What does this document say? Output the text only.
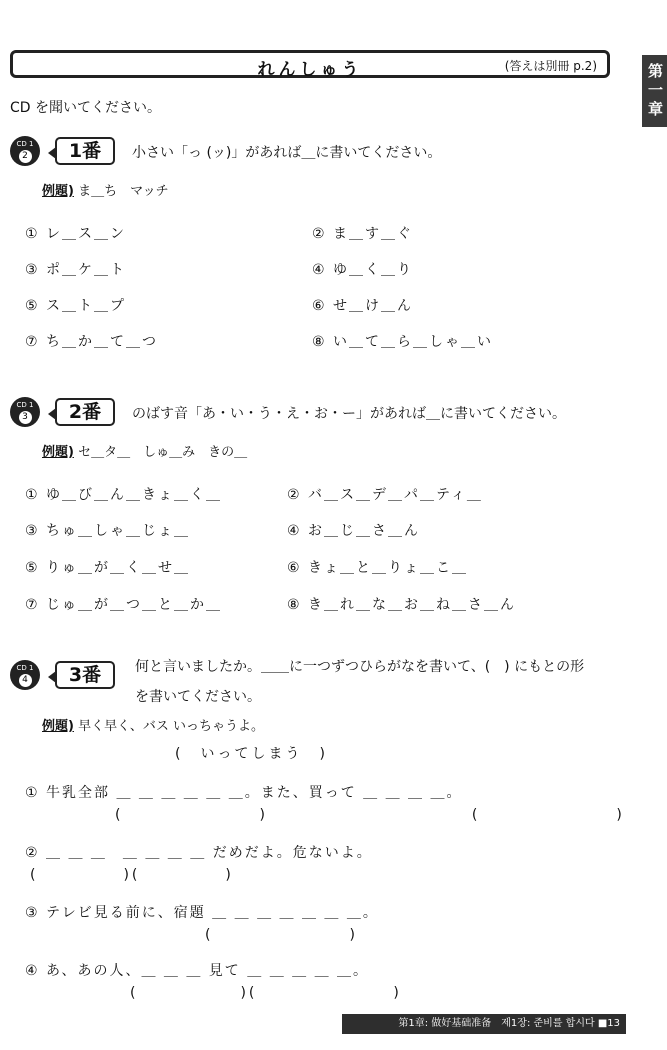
れんしゅう	(答えは別冊 p.2)	第一章
CD を聞いてください。
CD 1
2	1番	小さい「っ (ッ)」があれば＿に書いてください。
例題) ま＿ち　マッチ
① レ＿ス＿ン	② ま＿す＿ぐ
③ ポ＿ケ＿ト	④ ゆ＿く＿り
⑤ ス＿ト＿プ	⑥ せ＿け＿ん
⑦ ち＿か＿て＿つ	⑧ い＿て＿ら＿しゃ＿い
CD 1
3	2番	のばす音「あ・い・う・え・お・ー」があれば＿に書いてください。
例題) セ＿タ＿　しゅ＿み　きの＿
① ゆ＿び＿ん＿きょ＿く＿	② バ＿ス＿デ＿パ＿ティ＿
③ ちゅ＿しゃ＿じょ＿	④ お＿じ＿さ＿ん
⑤ りゅ＿が＿く＿せ＿	⑥ きょ＿と＿りょ＿こ＿
⑦ じゅ＿が＿つ＿と＿か＿	⑧ き＿れ＿な＿お＿ね＿さ＿ん
CD 1
4	3番	何と言いましたか。＿＿に一つずつひらがなを書いて、(　) にもとの形
を書いてください。
例題) 早く早く、バス いっちゃうよ。
(　いってしまう　)
① 牛乳全部 ＿ ＿ ＿ ＿ ＿ ＿。また、買って ＿ ＿ ＿ ＿。
(　　　　　　　　)　　　　　　　　　　　　(　　　　　　　　)
② ＿ ＿ ＿　＿ ＿ ＿ ＿ だめだよ。危ないよ。
(　　　　　)(　　　　　)
③ テレビ見る前に、宿題 ＿ ＿ ＿ ＿ ＿ ＿ ＿。
(　　　　　　　　)
④ あ、あの人、＿ ＿ ＿ 見て ＿ ＿ ＿ ＿ ＿。
(　　　　　　)(　　　　　　　　)
第1章: 做好基础准备　제1장: 준비를 합시다 ■13
